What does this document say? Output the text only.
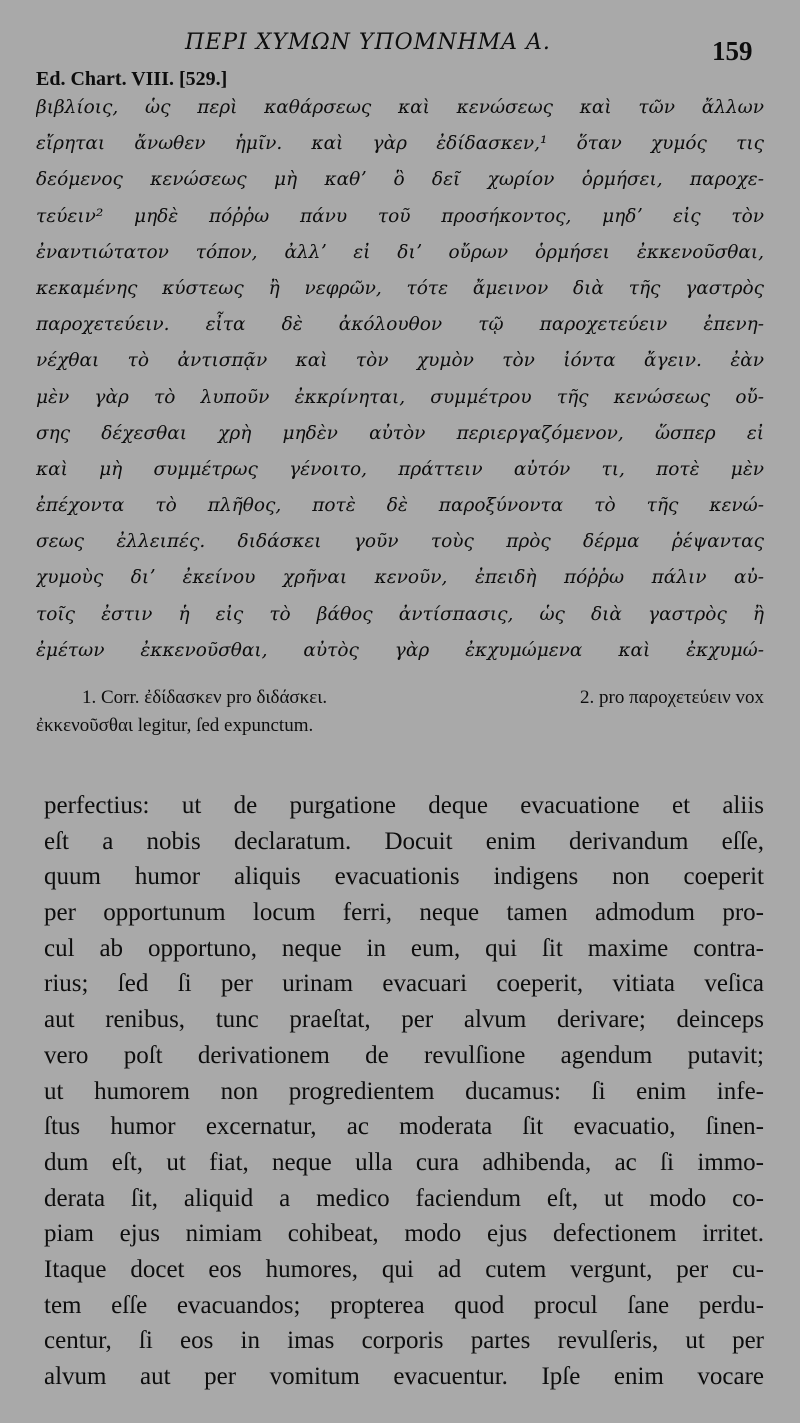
ΠΕΡΙ ΧΥΜΩΝ ΥΠΟΜΝΗΜΑ Α.	159
Ed. Chart. VIII. [529.]
βιβλίοις, ὡς περὶ καθάρσεως καὶ κενώσεως καὶ τῶν ἄλλων
εἴρηται ἄνωθεν ἡμῖν. καὶ γὰρ ἐδίδασκεν,¹ ὅταν χυμός τις
δεόμενος κενώσεως μὴ καθʼ ὃ δεῖ χωρίον ὁρμήσει, παροχε-
τεύειν² μηδὲ πόῤῥω πάνυ τοῦ προσήκοντος, μηδʼ εἰς τὸν
ἐναντιώτατον τόπον, ἀλλʼ εἰ διʼ οὔρων ὁρμήσει ἐκκενοῦσθαι,
κεκαμένης κύστεως ἢ νεφρῶν, τότε ἄμεινον διὰ τῆς γαστρὸς
παροχετεύειν. εἶτα δὲ ἀκόλουθον τῷ παροχετεύειν ἐπενη-
νέχθαι τὸ ἀντισπᾷν καὶ τὸν χυμὸν τὸν ἰόντα ἄγειν. ἐὰν
μὲν γὰρ τὸ λυποῦν ἐκκρίνηται, συμμέτρου τῆς κενώσεως οὔ-
σης δέχεσθαι χρὴ μηδὲν αὐτὸν περιεργαζόμενον, ὥσπερ εἰ
καὶ μὴ συμμέτρως γένοιτο, πράττειν αὐτόν τι, ποτὲ μὲν
ἐπέχοντα τὸ πλῆθος, ποτὲ δὲ παροξύνοντα τὸ τῆς κενώ-
σεως ἐλλειπές. διδάσκει γοῦν τοὺς πρὸς δέρμα ῥέψαντας
χυμοὺς διʼ ἐκείνου χρῆναι κενοῦν, ἐπειδὴ πόῤῥω πάλιν αὐ-
τοῖς ἐστιν ἡ εἰς τὸ βάθος ἀντίσπασις, ὡς διὰ γαστρὸς ἢ
ἐμέτων ἐκκενοῦσθαι, αὐτὸς γὰρ ἐκχυμώμενα καὶ ἐκχυμώ-
1. Corr. ἐδίδασκεν pro διδάσκει.	2. pro παροχετεύειν vox
ἐκκενοῦσθαι legitur, ſed expunctum.
perfectius: ut de purgatione deque evacuatione et aliis
eſt a nobis declaratum. Docuit enim derivandum eſſe,
quum humor aliquis evacuationis indigens non coeperit
per opportunum locum ferri, neque tamen admodum pro-
cul ab opportuno, neque in eum, qui ſit maxime contra-
rius; ſed ſi per urinam evacuari coeperit, vitiata veſica
aut renibus, tunc praeſtat, per alvum derivare; deinceps
vero poſt derivationem de revulſione agendum putavit;
ut humorem non progredientem ducamus: ſi enim infe-
ſtus humor excernatur, ac moderata ſit evacuatio, ſinen-
dum eſt, ut fiat, neque ulla cura adhibenda, ac ſi immo-
derata ſit, aliquid a medico faciendum eſt, ut modo co-
piam ejus nimiam cohibeat, modo ejus defectionem irritet.
Itaque docet eos humores, qui ad cutem vergunt, per cu-
tem eſſe evacuandos; propterea quod procul ſane perdu-
centur, ſi eos in imas corporis partes revulſeris, ut per
alvum aut per vomitum evacuentur. Ipſe enim vocare
